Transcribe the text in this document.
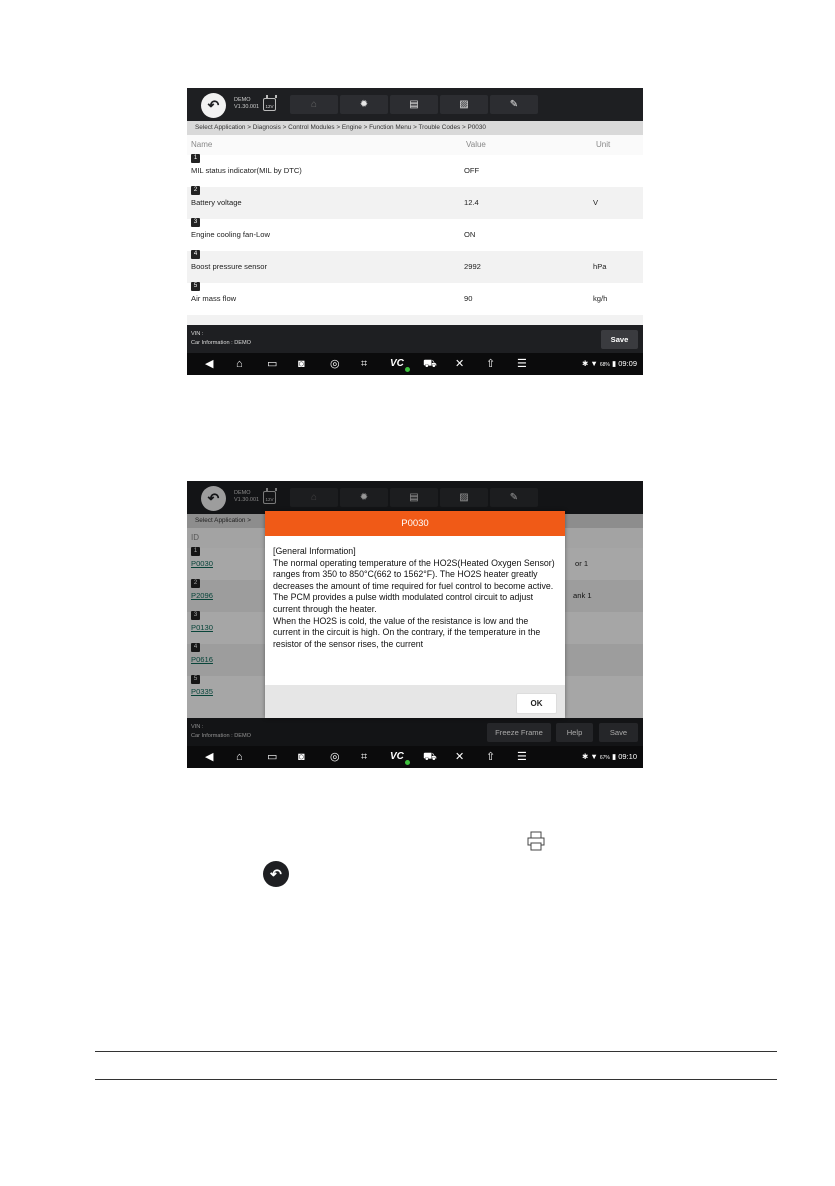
↶	DEMO
V1.30.001 12V	⌂	✹	▤	▨	✎
Select Application > Diagnosis > Control Modules > Engine > Function Menu > Trouble Codes > P0030
Name	Value	Unit
1
MIL status indicator(MIL by DTC)	OFF
2
Battery voltage	12.4	V
3
Engine cooling fan-Low	ON
4
Boost pressure sensor	2992	hPa
5
Air mass flow	90	kg/h
VIN :
Car Information : DEMO	Save
◀ ⌂ ▭ ◙ ◎ ⌗ VC ⛟ ✕ ⇧ ☰	✱ ▼ 68% ▮ 09:09
↶	DEMO
V1.30.001 12V	⌂	✹	▤	▨	✎
Select Application >
ID
1
P0030	or 1
2
P2096	ank 1
3
P0130
4
P0616
5
P0335
VIN :
Car Information : DEMO	Freeze Frame	Help	Save
◀ ⌂ ▭ ◙ ◎ ⌗ VC ⛟ ✕ ⇧ ☰	✱ ▼ 67% ▮ 09:10
P0030
[General Information]
The normal operating temperature of the HO2S(Heated Oxygen Sensor) ranges from 350 to 850°C(662 to 1562°F). The HO2S heater greatly decreases the amount of time required for fuel control to become active. The PCM provides a pulse width modulated control circuit to adjust current through the heater.
When the HO2S is cold, the value of the resistance is low and the current in the circuit is high. On the contrary, if the temperature in the resistor of the sensor rises, the current
OK
↶
